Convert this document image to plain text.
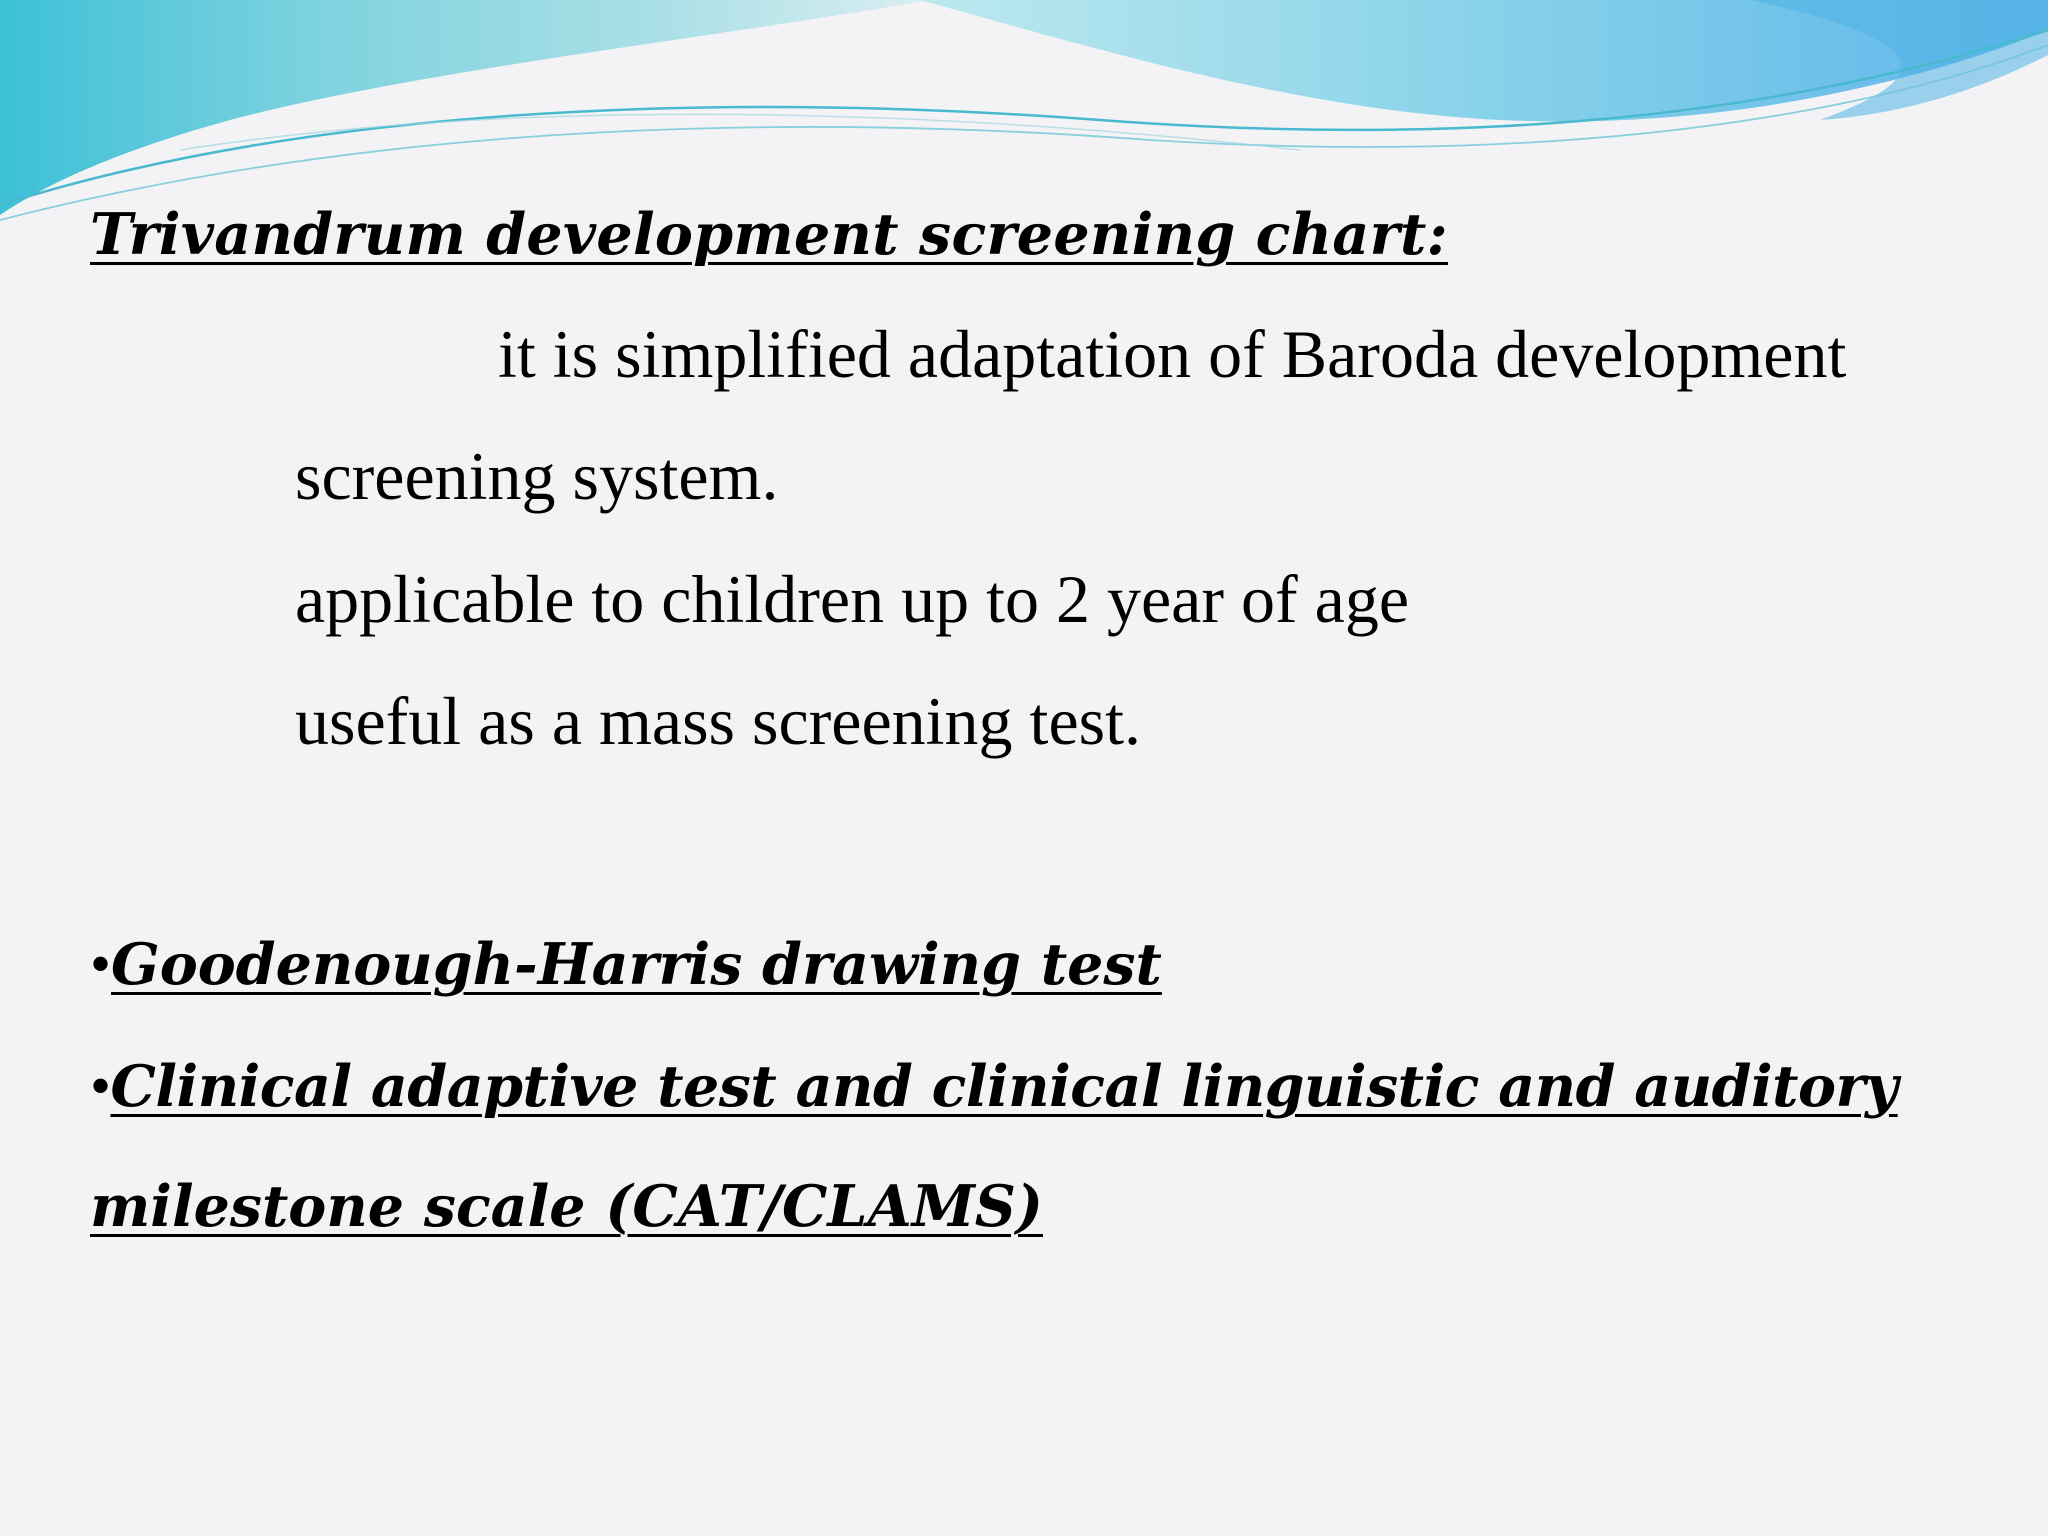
Trivandrum development screening chart:

it is simplified adaptation of Baroda development

screening system.

applicable to children up to 2 year of age

useful as a mass screening test.

•Goodenough-Harris drawing test

•Clinical adaptive test and clinical linguistic and auditory

milestone scale (CAT/CLAMS)
